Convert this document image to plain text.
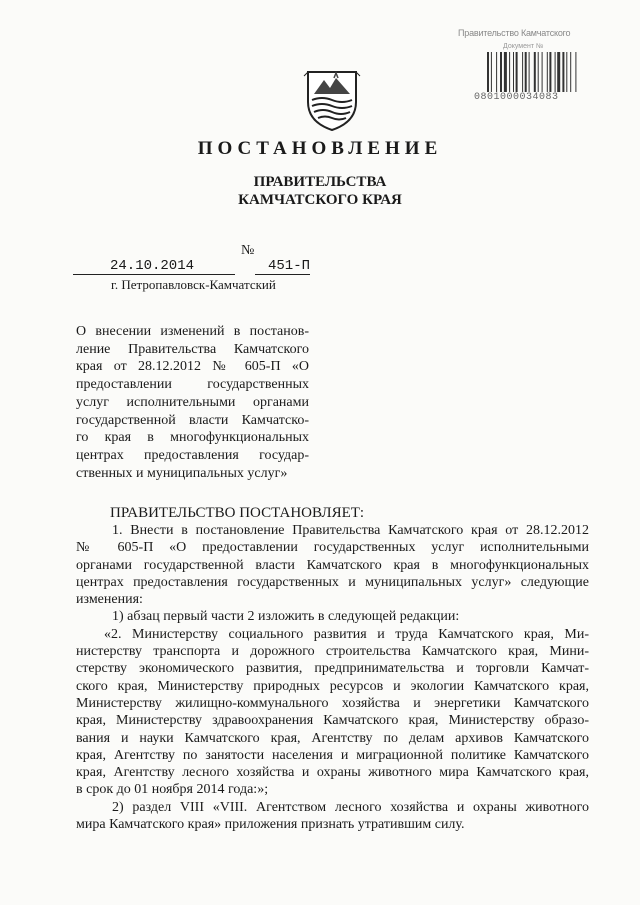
Правительство Камчатского
Документ №
0801000034083
ПОСТАНОВЛЕНИЕ
ПРАВИТЕЛЬСТВА
КАМЧАТСКОГО КРАЯ
№
24.10.2014	451-П
г. Петропавловск-Камчатский
О внесении изменений в постанов-
ление Правительства Камчатского
края от 28.12.2012 № 605-П «О
предоставлении государственных
услуг исполнительными органами
государственной власти Камчатско-
го края в многофункциональных
центрах предоставления государ-
ственных и муниципальных услуг»
ПРАВИТЕЛЬСТВО ПОСТАНОВЛЯЕТ:
1. Внести в постановление Правительства Камчатского края от 28.12.2012
№ 605-П «О предоставлении государственных услуг исполнительными
органами государственной власти Камчатского края в многофункциональных
центрах предоставления государственных и муниципальных услуг» следующие
изменения:
1) абзац первый части 2 изложить в следующей редакции:
«2. Министерству социального развития и труда Камчатского края, Ми-
нистерству транспорта и дорожного строительства Камчатского края, Мини-
стерству экономического развития, предпринимательства и торговли Камчат-
ского края, Министерству природных ресурсов и экологии Камчатского края,
Министерству жилищно-коммунального хозяйства и энергетики Камчатского
края, Министерству здравоохранения Камчатского края, Министерству образо-
вания и науки Камчатского края, Агентству по делам архивов Камчатского
края, Агентству по занятости населения и миграционной политике Камчатского
края, Агентству лесного хозяйства и охраны животного мира Камчатского края,
в срок до 01 ноября 2014 года:»;
2) раздел VIII «VIII. Агентством лесного хозяйства и охраны животного
мира Камчатского края» приложения признать утратившим силу.
